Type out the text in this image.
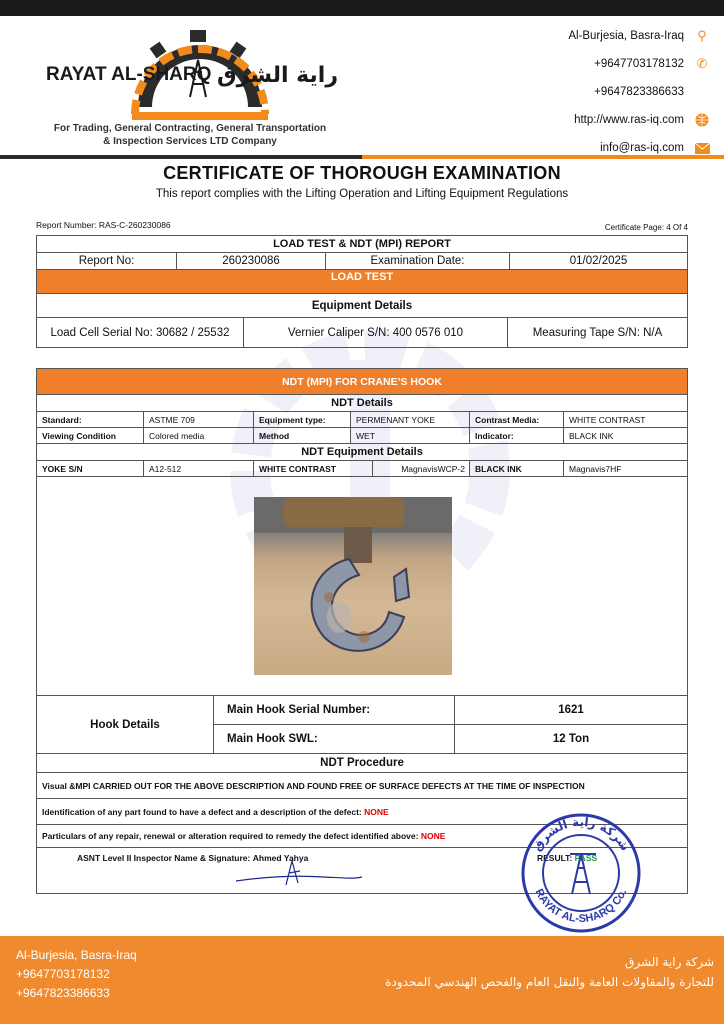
RAYAT AL-SHARQ راية الشرق
For Trading, General Contracting, General Transportation
& Inspection Services LTD Company
Al-Burjesia, Basra-Iraq ⚲
+9647703178132 ✆
+9647823386633
http://www.ras-iq.com
info@ras-iq.com
CERTIFICATE OF THOROUGH EXAMINATION
This report complies with the Lifting Operation and Lifting Equipment Regulations
Report Number: RAS-C-260230086	Certificate Page: 4 Of 4
LOAD TEST & NDT (MPI) REPORT
Report No:	260230086	Examination Date:	01/02/2025
LOAD TEST
Equipment Details
Load Cell Serial No: 30682 / 25532	Vernier Caliper S/N: 400 0576 010	Measuring Tape S/N: N/A
NDT (MPI) FOR CRANE’S HOOK
NDT Details
Standard:	ASTME 709	Equipment type:	PERMENANT YOKE	Contrast Media:	WHITE CONTRAST
Viewing Condition	Colored media	Method	WET	Indicator:	BLACK INK
NDT Equipment Details
YOKE S/N	A12-512	WHITE CONTRAST	MagnavisWCP-2	BLACK INK	Magnavis7HF
Hook Details
Main Hook Serial Number:	1621
Main Hook SWL:	12 Ton
NDT Procedure
Visual &MPI CARRIED OUT FOR THE ABOVE DESCRIPTION AND FOUND FREE OF SURFACE DEFECTS AT THE TIME OF INSPECTION
Identification of any part found to have a defect and a description of the defect:
NONE
Particulars of any repair, renewal or alteration required to remedy the defect identified above:
NONE
ASNT Level II Inspector Name & Signature: Ahmed Yahya	RESULT: PASS
شركة راية الشرق
RAYAT AL-SHARQ Co.
Al-Burjesia, Basra-Iraq
+9647703178132
+9647823386633
شركة راية الشرق
للتجارة والمقاولات العامة والنقل العام والفحص الهندسي المحدودة
